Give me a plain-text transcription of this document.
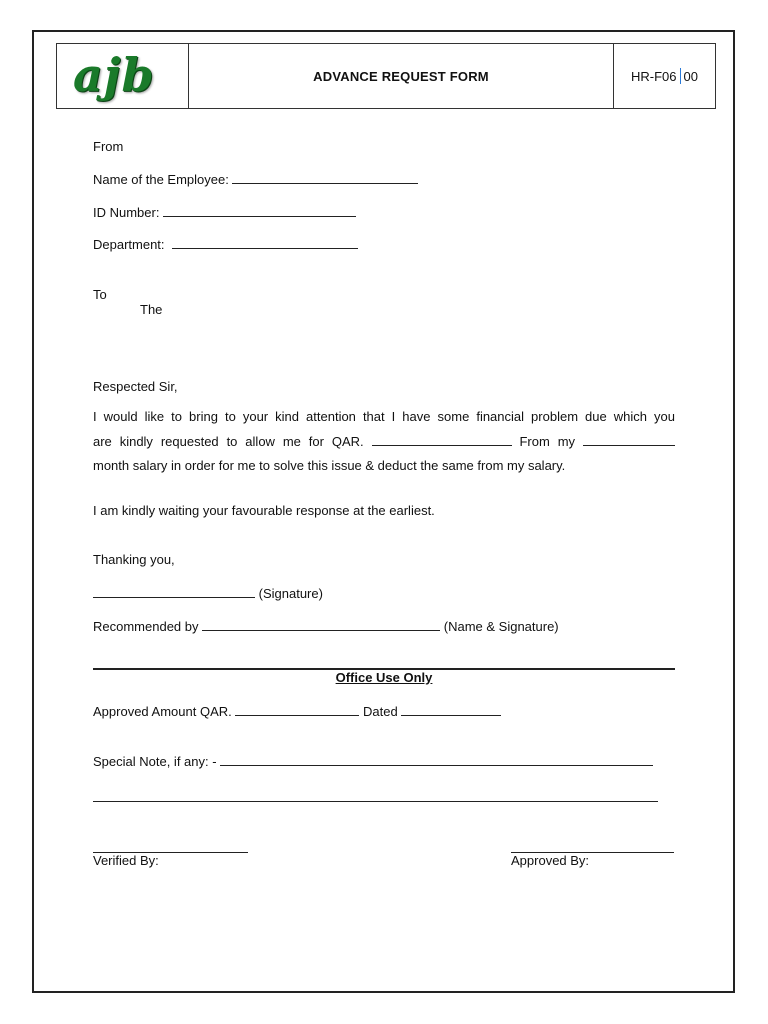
ajb	ADVANCE REQUEST FORM	HR-F06 00
From
Name of the Employee:
ID Number:
Department:
To
The
Respected Sir,
I would like to bring to your kind attention that I have some financial problem due which you
are kindly requested to allow me for QAR.	From my
month salary in order for me to solve this issue & deduct the same from my salary.
I am kindly waiting your favourable response at the earliest.
Thanking you,
(Signature)
Recommended by	(Name & Signature)
Office Use Only
Approved Amount QAR.	Dated
Special Note, if any: -
Verified By:	Approved By:
